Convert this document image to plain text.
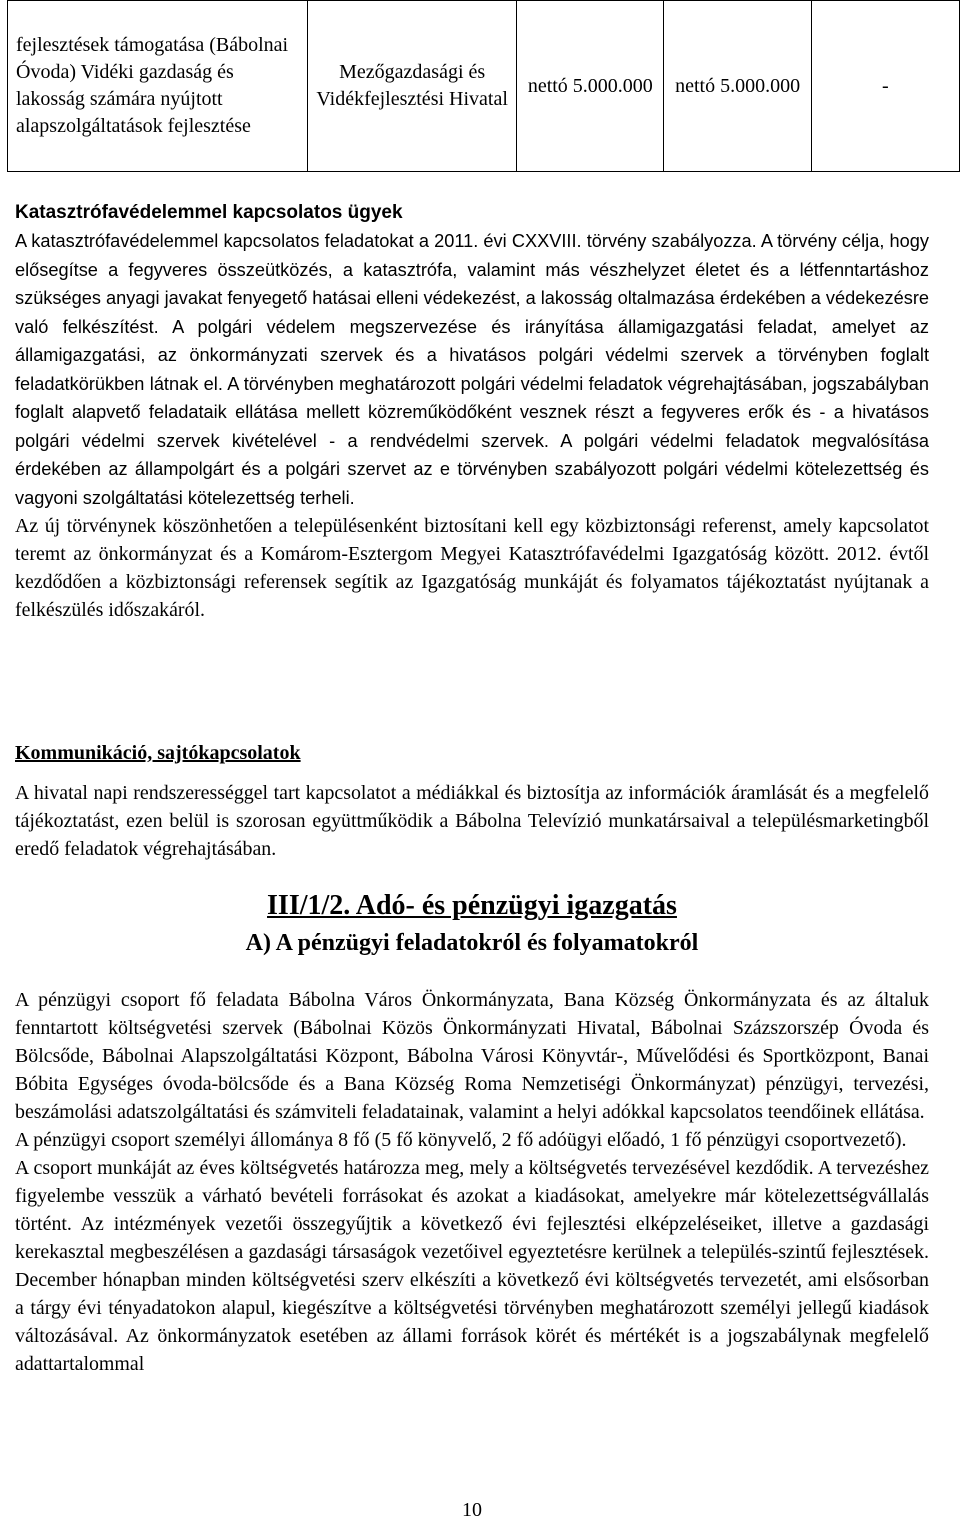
fejlesztések támogatása (Bábolnai Óvoda) Vidéki gazdaság és lakosság számára nyújtott alapszolgáltatások fejlesztése	Mezőgazdasági és Vidékfejlesztési Hivatal	nettó 5.000.000	nettó 5.000.000	-
Katasztrófavédelemmel kapcsolatos ügyek

A katasztrófavédelemmel kapcsolatos feladatokat a 2011. évi CXXVIII. törvény szabályozza. A törvény célja, hogy elősegítse a fegyveres összeütközés, a katasztrófa, valamint más vészhelyzet életet és a létfenntartáshoz szükséges anyagi javakat fenyegető hatásai elleni védekezést, a lakosság oltalmazása érdekében a védekezésre való felkészítést. A polgári védelem megszervezése és irányítása államigazgatási feladat, amelyet az államigazgatási, az önkormányzati szervek és a hivatásos polgári védelmi szervek a törvényben foglalt feladatkörükben látnak el. A törvényben meghatározott polgári védelmi feladatok végrehajtásában, jogszabályban foglalt alapvető feladataik ellátása mellett közreműködőként vesznek részt a fegyveres erők és - a hivatásos polgári védelmi szervek kivételével - a rendvédelmi szervek. A polgári védelmi feladatok megvalósítása érdekében az állampolgárt és a polgári szervet az e törvényben szabályozott polgári védelmi kötelezettség és vagyoni szolgáltatási kötelezettség terheli.

Az új törvénynek köszönhetően a településenként biztosítani kell egy közbiztonsági referenst, amely kapcsolatot teremt az önkormányzat és a Komárom-Esztergom Megyei Katasztrófavédelmi Igazgatóság között. 2012. évtől kezdődően a közbiztonsági referensek segítik az Igazgatóság munkáját és folyamatos tájékoztatást nyújtanak a felkészülés időszakáról.

Kommunikáció, sajtókapcsolatok

A hivatal napi rendszerességgel tart kapcsolatot a médiákkal és biztosítja az információk áramlását és a megfelelő tájékoztatást, ezen belül is szorosan együttműködik a Bábolna Televízió munkatársaival a településmarketingből eredő feladatok végrehajtásában.

III/1/2. Adó- és pénzügyi igazgatás
A) A pénzügyi feladatokról és folyamatokról

A pénzügyi csoport fő feladata Bábolna Város Önkormányzata, Bana Község Önkormányzata és az általuk fenntartott költségvetési szervek (Bábolnai Közös Önkormányzati Hivatal, Bábolnai Százszorszép Óvoda és Bölcsőde, Bábolnai Alapszolgáltatási Központ, Bábolna Városi Könyvtár-, Művelődési és Sportközpont, Banai Bóbita Egységes óvoda-bölcsőde és a Bana Község Roma Nemzetiségi Önkormányzat) pénzügyi, tervezési, beszámolási adatszolgáltatási és számviteli feladatainak, valamint a helyi adókkal kapcsolatos teendőinek ellátása.

A pénzügyi csoport személyi állománya 8 fő (5 fő könyvelő, 2 fő adóügyi előadó, 1 fő pénzügyi csoportvezető).

A csoport munkáját az éves költségvetés határozza meg, mely a költségvetés tervezésével kezdődik. A tervezéshez figyelembe vesszük a várható bevételi forrásokat és azokat a kiadásokat, amelyekre már kötelezettségvállalás történt. Az intézmények vezetői összegyűjtik a következő évi fejlesztési elképzeléseiket, illetve a gazdasági kerekasztal megbeszélésen a gazdasági társaságok vezetőivel egyeztetésre kerülnek a település-szintű fejlesztések. December hónapban minden költségvetési szerv elkészíti a következő évi költségvetés tervezetét, ami elsősorban a tárgy évi tényadatokon alapul, kiegészítve a költségvetési törvényben meghatározott személyi jellegű kiadások változásával. Az önkormányzatok esetében az állami források körét és mértékét is a jogszabálynak megfelelő adattartalommal

10
